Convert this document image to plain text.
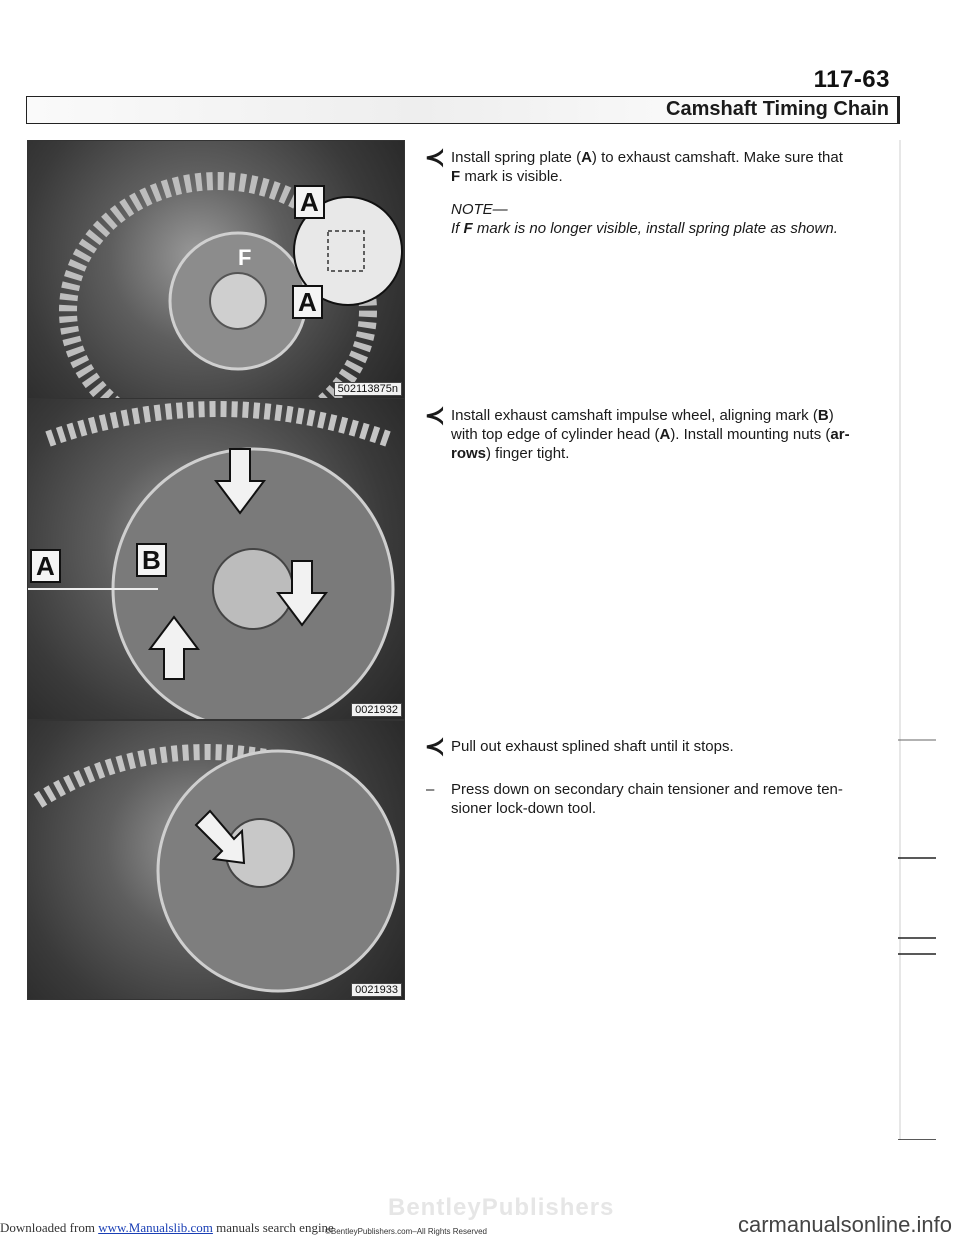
117-63
Camshaft Timing Chain
A
F
A
502113875n
A	B
0021932
0021933
≺ Install spring plate (A) to exhaust camshaft. Make sure that
F mark is visible.
NOTE—
If F mark is no longer visible, install spring plate as shown.
≺ Install exhaust camshaft impulse wheel, aligning mark (B) with top edge of cylinder head (A). Install mounting nuts (ar-rows) finger tight.
≺ Pull out exhaust splined shaft until it stops.
–	Press down on secondary chain tensioner and remove ten-sioner lock-down tool.
BentleyPublishers
Downloaded from www.Manualslib.com manuals search engine
©BentleyPublishers.com–All Rights Reserved	carmanualsonline.info
